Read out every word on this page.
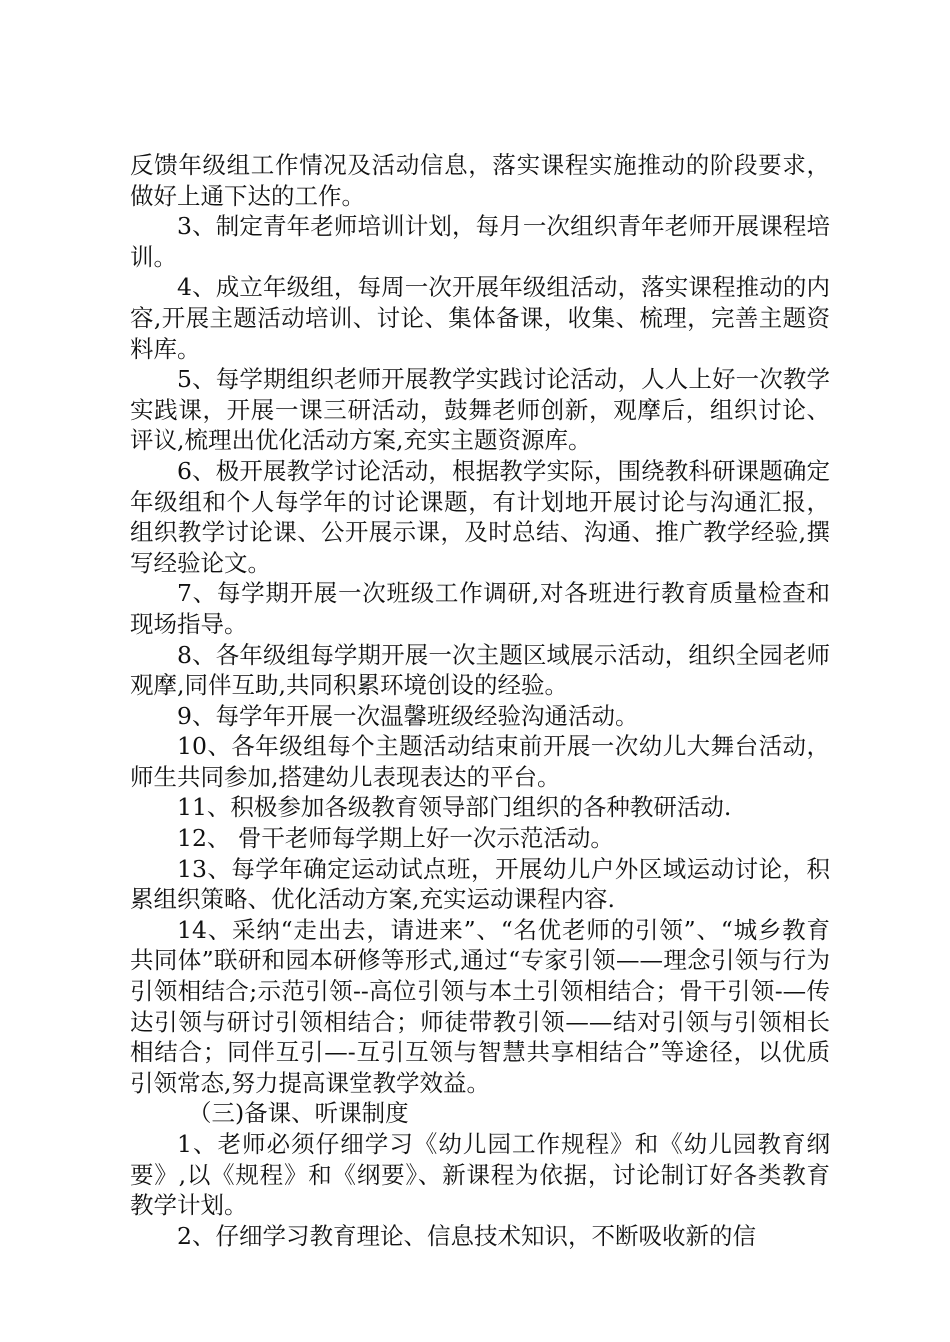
反馈年级组工作情况及活动信息，落实课程实施推动的阶段要求，做好上通下达的工作。

3、制定青年老师培训计划，每月一次组织青年老师开展课程培训。

4、成立年级组，每周一次开展年级组活动，落实课程推动的内容,开展主题活动培训、讨论、集体备课，收集、梳理，完善主题资料库。

5、每学期组织老师开展教学实践讨论活动，人人上好一次教学实践课，开展一课三研活动，鼓舞老师创新，观摩后，组织讨论、评议,梳理出优化活动方案,充实主题资源库。

6、极开展教学讨论活动，根据教学实际，围绕教科研课题确定年级组和个人每学年的讨论课题，有计划地开展讨论与沟通汇报，组织教学讨论课、公开展示课，及时总结、沟通、推广教学经验,撰写经验论文。

7、每学期开展一次班级工作调研,对各班进行教育质量检查和现场指导。

8、各年级组每学期开展一次主题区域展示活动，组织全园老师观摩,同伴互助,共同积累环境创设的经验。

9、每学年开展一次温馨班级经验沟通活动。

10、各年级组每个主题活动结束前开展一次幼儿大舞台活动，师生共同参加,搭建幼儿表现表达的平台。

11、积极参加各级教育领导部门组织的各种教研活动.

12、 骨干老师每学期上好一次示范活动。

13、每学年确定运动试点班，开展幼儿户外区域运动讨论，积累组织策略、优化活动方案,充实运动课程内容.

14、采纳“走出去，请进来”、“名优老师的引领”、“城乡教育共同体”联研和园本研修等形式,通过“专家引领——理念引领与行为引领相结合;示范引领--高位引领与本土引领相结合；骨干引领-—传达引领与研讨引领相结合；师徒带教引领——结对引领与引领相长相结合；同伴互引—-互引互领与智慧共享相结合”等途径，以优质引领常态,努力提高课堂教学效益。

（三)备课、听课制度

1、老师必须仔细学习《幼儿园工作规程》和《幼儿园教育纲要》,以《规程》和《纲要》、新课程为依据，讨论制订好各类教育教学计划。

2、仔细学习教育理论、信息技术知识，不断吸收新的信
